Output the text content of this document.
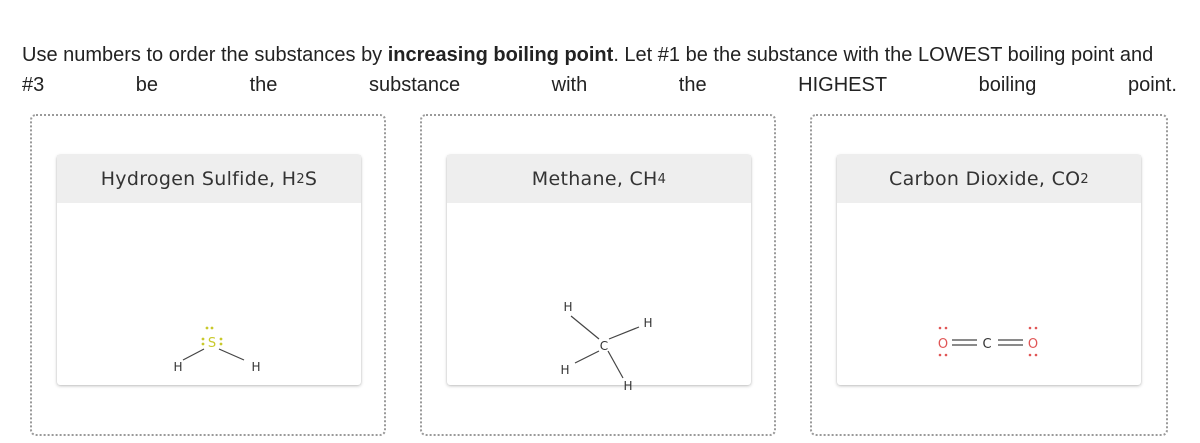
Use numbers to order the substances by increasing boiling point. Let #1 be the substance with the LOWEST boiling point and
#3	be	the	substance	with	the	HIGHEST	boiling	point.
Hydrogen Sulfide, H 2 S
S
H	H
Methane, CH 4
C
H
H
H
H
Carbon Dioxide, CO 2
O	C	O
